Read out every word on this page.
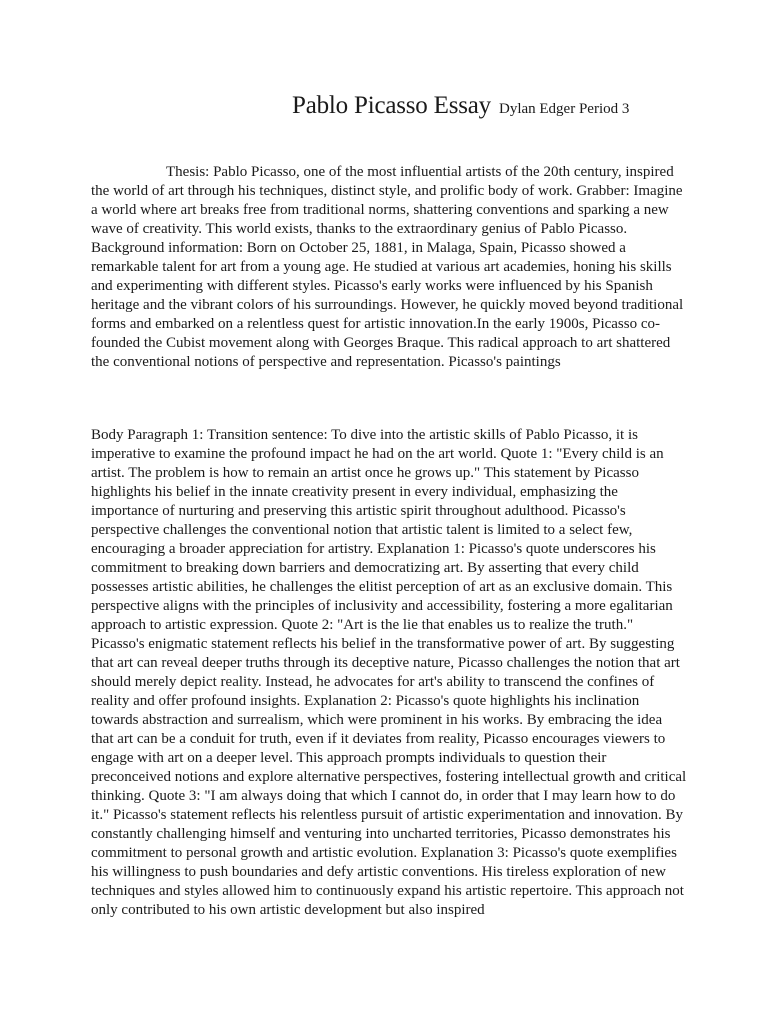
Pablo Picasso Essay Dylan Edger Period 3

Thesis: Pablo Picasso, one of the most influential artists of the 20th century, inspired the world of art through his techniques, distinct style, and prolific body of work. Grabber: Imagine a world where art breaks free from traditional norms, shattering conventions and sparking a new wave of creativity. This world exists, thanks to the extraordinary genius of Pablo Picasso. Background information: Born on October 25, 1881, in Malaga, Spain, Picasso showed a remarkable talent for art from a young age. He studied at various art academies, honing his skills and experimenting with different styles. Picasso's early works were influenced by his Spanish heritage and the vibrant colors of his surroundings. However, he quickly moved beyond traditional forms and embarked on a relentless quest for artistic innovation.In the early 1900s, Picasso co-founded the Cubist movement along with Georges Braque. This radical approach to art shattered the conventional notions of perspective and representation. Picasso's paintings

Body Paragraph 1: Transition sentence: To dive into the artistic skills of Pablo Picasso, it is imperative to examine the profound impact he had on the art world. Quote 1: "Every child is an artist. The problem is how to remain an artist once he grows up." This statement by Picasso highlights his belief in the innate creativity present in every individual, emphasizing the importance of nurturing and preserving this artistic spirit throughout adulthood. Picasso's perspective challenges the conventional notion that artistic talent is limited to a select few, encouraging a broader appreciation for artistry. Explanation 1: Picasso's quote underscores his commitment to breaking down barriers and democratizing art. By asserting that every child possesses artistic abilities, he challenges the elitist perception of art as an exclusive domain. This perspective aligns with the principles of inclusivity and accessibility, fostering a more egalitarian approach to artistic expression. Quote 2: "Art is the lie that enables us to realize the truth." Picasso's enigmatic statement reflects his belief in the transformative power of art. By suggesting that art can reveal deeper truths through its deceptive nature, Picasso challenges the notion that art should merely depict reality. Instead, he advocates for art's ability to transcend the confines of reality and offer profound insights. Explanation 2: Picasso's quote highlights his inclination towards abstraction and surrealism, which were prominent in his works. By embracing the idea that art can be a conduit for truth, even if it deviates from reality, Picasso encourages viewers to engage with art on a deeper level. This approach prompts individuals to question their preconceived notions and explore alternative perspectives, fostering intellectual growth and critical thinking. Quote 3: "I am always doing that which I cannot do, in order that I may learn how to do it." Picasso's statement reflects his relentless pursuit of artistic experimentation and innovation. By constantly challenging himself and venturing into uncharted territories, Picasso demonstrates his commitment to personal growth and artistic evolution. Explanation 3: Picasso's quote exemplifies his willingness to push boundaries and defy artistic conventions. His tireless exploration of new techniques and styles allowed him to continuously expand his artistic repertoire. This approach not only contributed to his own artistic development but also inspired
